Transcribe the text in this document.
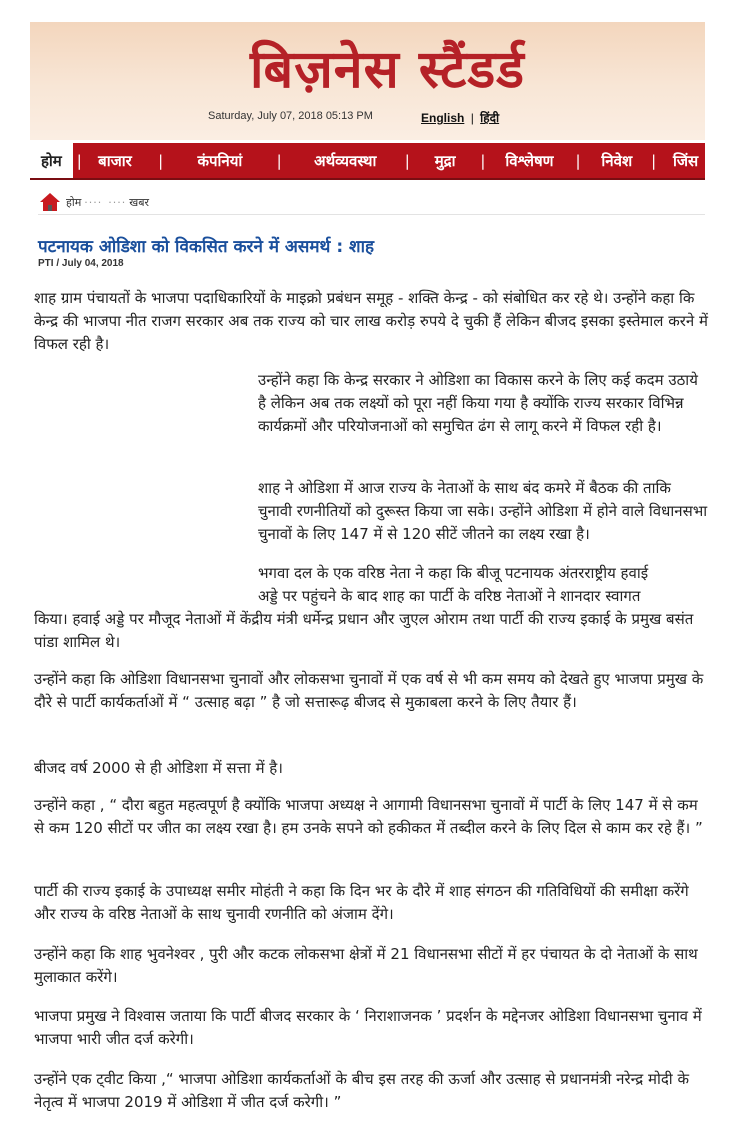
बिज़नेस स्टैंडर्ड
Saturday, July 07, 2018 05:13 PM	English | हिंदी
होम |	बाजार	|	कंपनियां	|	अर्थव्यवस्था	|	मुद्रा	|	विश्लेषण	|	निवेश	|	जिंस
होम ···· ···· खबर
पटनायक ओडिशा को विकसित करने में असमर्थ : शाह
PTI / July 04, 2018

शाह ग्राम पंचायतों के भाजपा पदाधिकारियों के माइक्रो प्रबंधन समूह - शक्ति केन्द्र - को संबोधित कर रहे थे। उन्होंने कहा कि केन्द्र की भाजपा नीत राजग सरकार अब तक राज्य को चार लाख करोड़ रुपये दे चुकी हैं लेकिन बीजद इसका इस्तेमाल करने में विफल रही है।

उन्होंने कहा कि केन्द्र सरकार ने ओडिशा का विकास करने के लिए कई कदम उठाये है लेकिन अब तक लक्ष्यों को पूरा नहीं किया गया है क्योंकि राज्य सरकार विभिन्न कार्यक्रमों और परियोजनाओं को समुचित ढंग से लागू करने में विफल रही है।

शाह ने ओडिशा में आज राज्य के नेताओं के साथ बंद कमरे में बैठक की ताकि चुनावी रणनीतियों को दुरूस्त किया जा सके। उन्होंने ओडिशा में होने वाले विधानसभा चुनावों के लिए 147 में से 120 सीटें जीतने का लक्ष्य रखा है।

भगवा दल के एक वरिष्ठ नेता ने कहा कि बीजू पटनायक अंतरराष्ट्रीय हवाई

अड्डे पर पहुंचने के बाद शाह का पार्टी के वरिष्ठ नेताओं ने शानदार स्वागत

किया। हवाई अड्डे पर मौजूद नेताओं में केंद्रीय मंत्री धर्मेन्द्र प्रधान और जुएल ओराम तथा पार्टी की राज्य इकाई के प्रमुख बसंत पांडा शामिल थे।

उन्होंने कहा कि ओडिशा विधानसभा चुनावों और लोकसभा चुनावों में एक वर्ष से भी कम समय को देखते हुए भाजपा प्रमुख के दौरे से पार्टी कार्यकर्ताओं में “ उत्साह बढ़ा ” है जो सत्तारूढ़ बीजद से मुकाबला करने के लिए तैयार हैं।

बीजद वर्ष 2000 से ही ओडिशा में सत्ता में है।

उन्होंने कहा , “ दौरा बहुत महत्वपूर्ण है क्योंकि भाजपा अध्यक्ष ने आगामी विधानसभा चुनावों में पार्टी के लिए 147 में से कम से कम 120 सीटों पर जीत का लक्ष्य रखा है। हम उनके सपने को हकीकत में तब्दील करने के लिए दिल से काम कर रहे हैं। ”

पार्टी की राज्य इकाई के उपाध्यक्ष समीर मोहंती ने कहा कि दिन भर के दौरे में शाह संगठन की गतिविधियों की समीक्षा करेंगे और राज्य के वरिष्ठ नेताओं के साथ चुनावी रणनीति को अंजाम देंगे।

उन्होंने कहा कि शाह भुवनेश्वर , पुरी और कटक लोकसभा क्षेत्रों में 21 विधानसभा सीटों में हर पंचायत के दो नेताओं के साथ मुलाकात करेंगे।

भाजपा प्रमुख ने विश्वास जताया कि पार्टी बीजद सरकार के ‘ निराशाजनक ’ प्रदर्शन के मद्देनजर ओडिशा विधानसभा चुनाव में भाजपा भारी जीत दर्ज करेगी।

उन्होंने एक ट्वीट किया ,“ भाजपा ओडिशा कार्यकर्ताओं के बीच इस तरह की ऊर्जा और उत्साह से प्रधानमंत्री नरेन्द्र मोदी के नेतृत्व में भाजपा 2019 में ओडिशा में जीत दर्ज करेगी। ”
